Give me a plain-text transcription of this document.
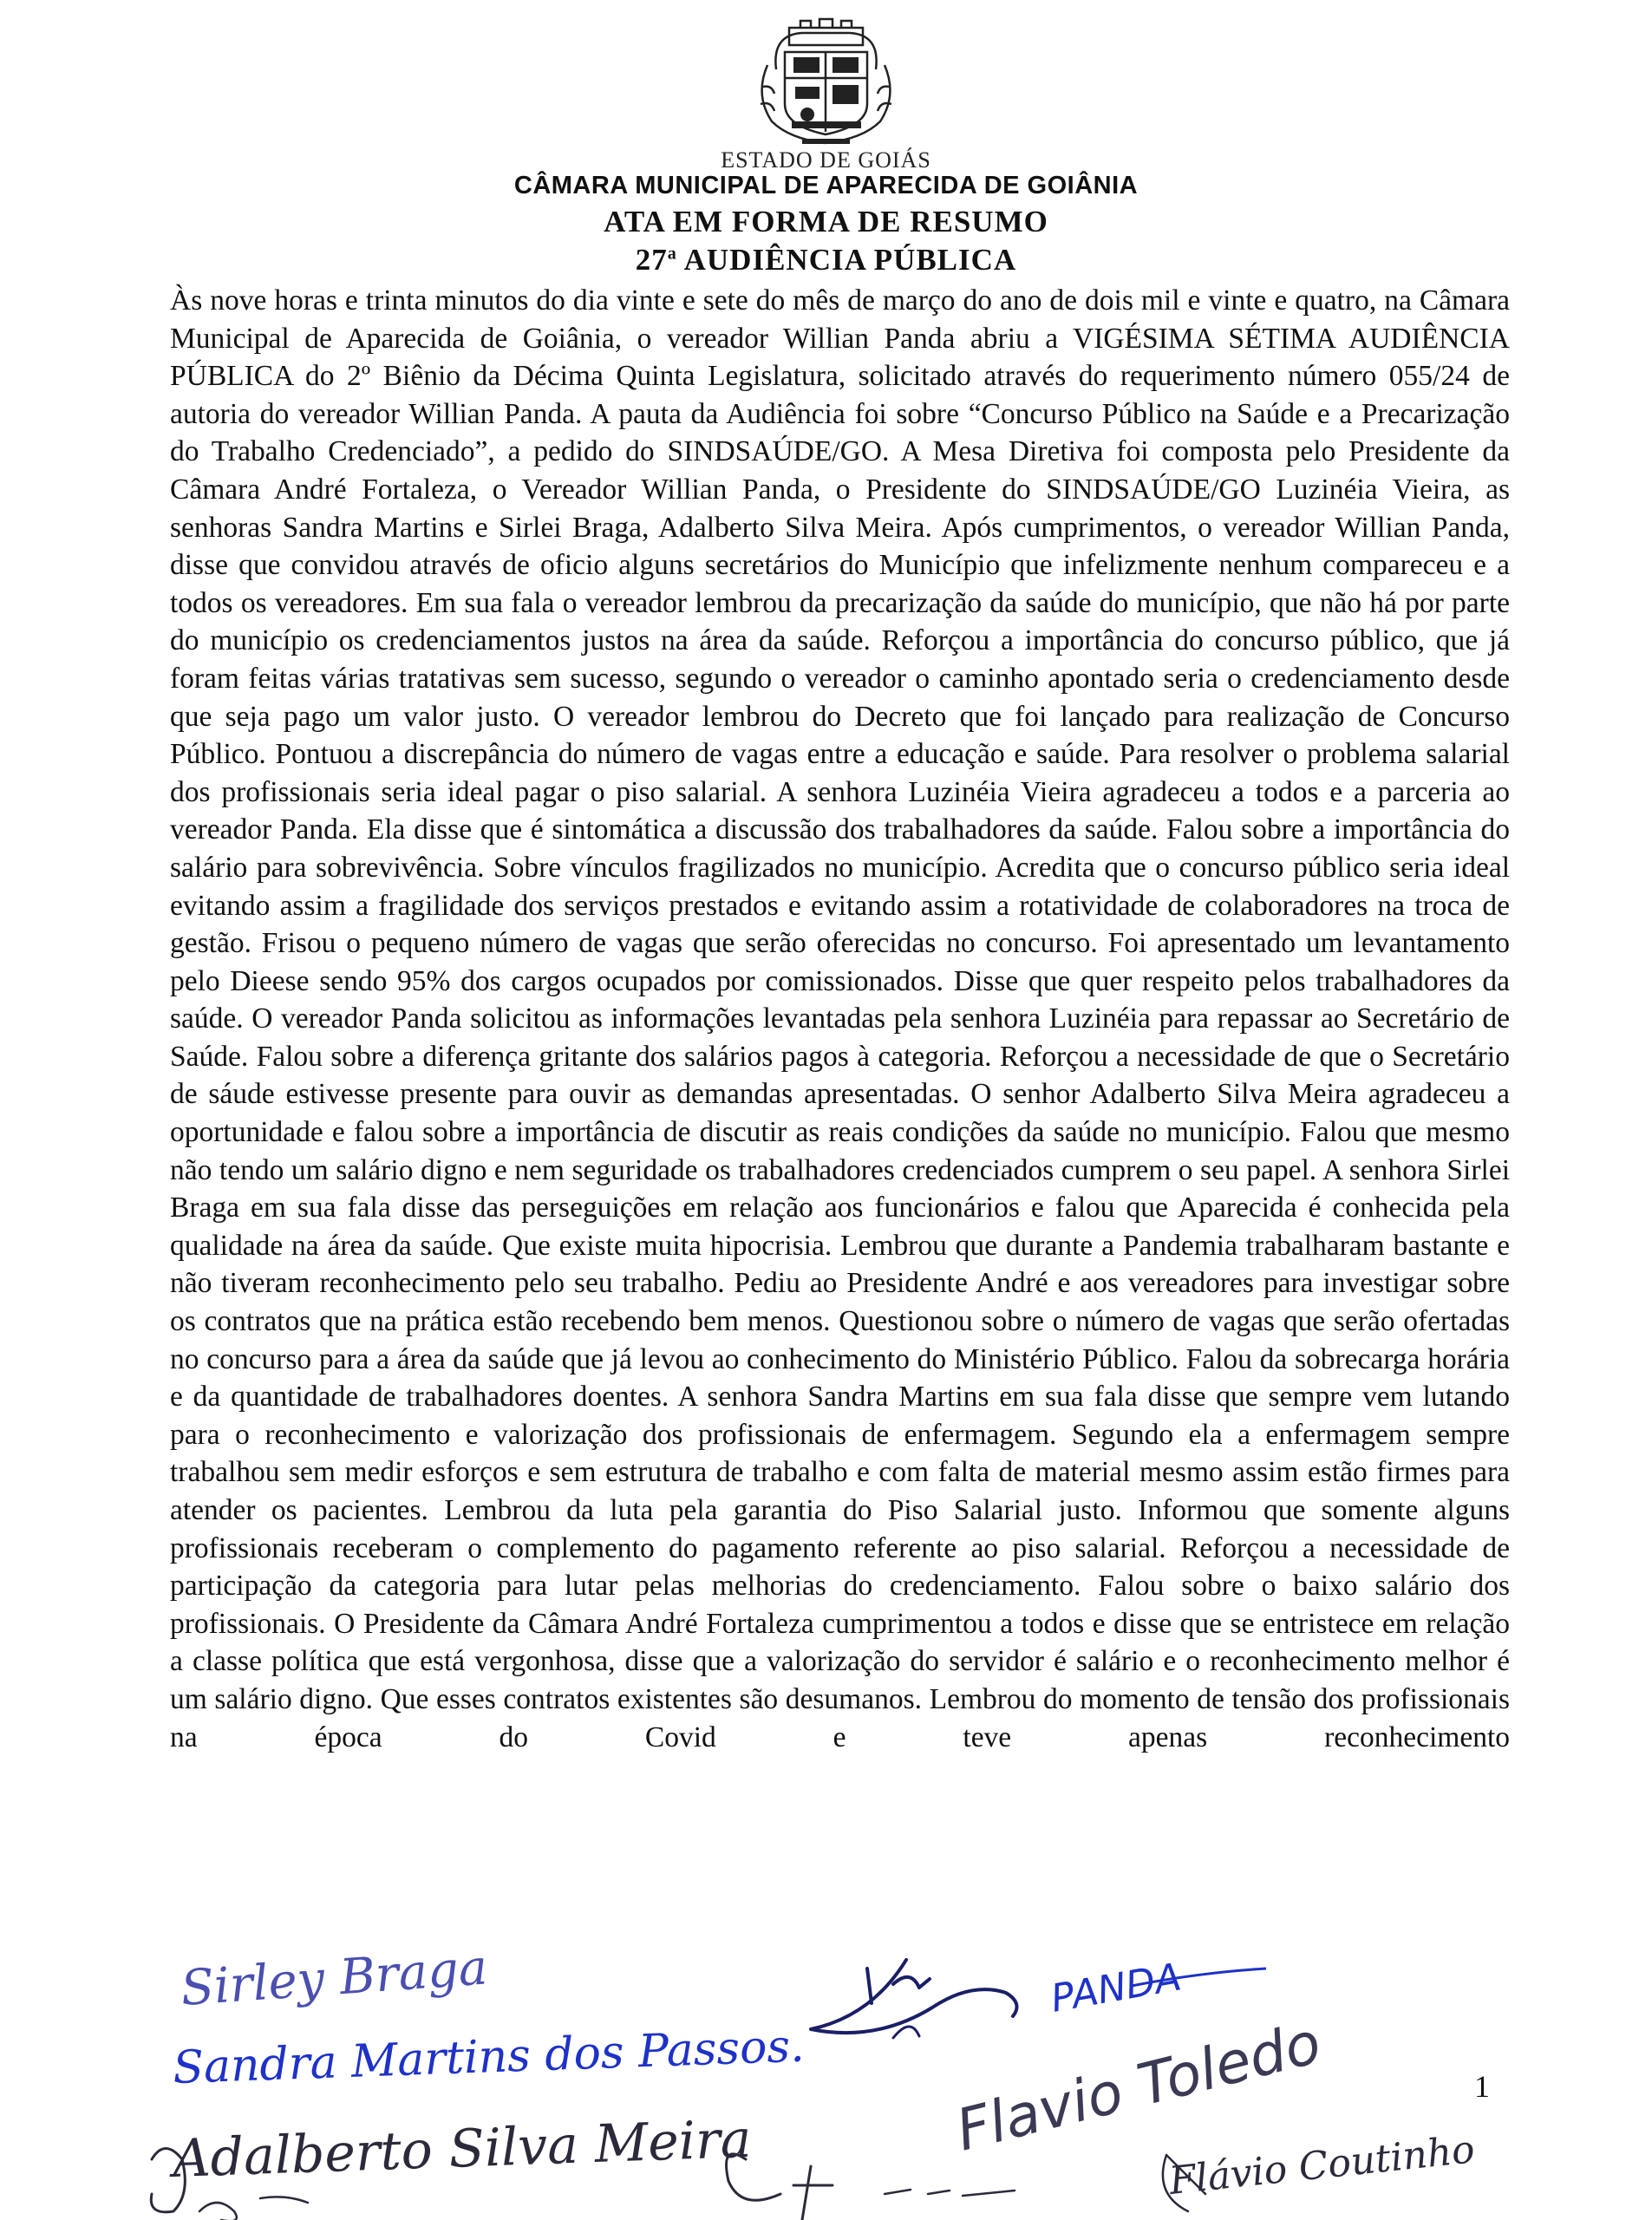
ESTADO DE GOIÁS
CÂMARA MUNICIPAL DE APARECIDA DE GOIÂNIA
ATA EM FORMA DE RESUMO
27$^a$ AUDIÊNCIA PÚBLICA

Às nove horas e trinta minutos do dia vinte e sete do mês de março do ano de dois mil e vinte e quatro, na Câmara Municipal de Aparecida de Goiânia, o vereador Willian Panda abriu a VIGÉSIMA SÉTIMA AUDIÊNCIA PÚBLICA do 2º Biênio da Décima Quinta Legislatura, solicitado através do requerimento número 055/24 de autoria do vereador Willian Panda. A pauta da Audiência foi sobre “Concurso Público na Saúde e a Precarização do Trabalho Credenciado”, a pedido do SINDSAÚDE/GO. A Mesa Diretiva foi composta pelo Presidente da Câmara André Fortaleza, o Vereador Willian Panda, o Presidente do SINDSAÚDE/GO Luzinéia Vieira, as senhoras Sandra Martins e Sirlei Braga, Adalberto Silva Meira. Após cumprimentos, o vereador Willian Panda, disse que convidou através de oficio alguns secretários do Município que infelizmente nenhum compareceu e a todos os vereadores. Em sua fala o vereador lembrou da precarização da saúde do município, que não há por parte do município os credenciamentos justos na área da saúde. Reforçou a importância do concurso público, que já foram feitas várias tratativas sem sucesso, segundo o vereador o caminho apontado seria o credenciamento desde que seja pago um valor justo. O vereador lembrou do Decreto que foi lançado para realização de Concurso Público. Pontuou a discrepância do número de vagas entre a educação e saúde. Para resolver o problema salarial dos profissionais seria ideal pagar o piso salarial. A senhora Luzinéia Vieira agradeceu a todos e a parceria ao vereador Panda. Ela disse que é sintomática a discussão dos trabalhadores da saúde. Falou sobre a importância do salário para sobrevivência. Sobre vínculos fragilizados no município. Acredita que o concurso público seria ideal evitando assim a fragilidade dos serviços prestados e evitando assim a rotatividade de colaboradores na troca de gestão. Frisou o pequeno número de vagas que serão oferecidas no concurso. Foi apresentado um levantamento pelo Dieese sendo 95% dos cargos ocupados por comissionados. Disse que quer respeito pelos trabalhadores da saúde. O vereador Panda solicitou as informações levantadas pela senhora Luzinéia para repassar ao Secretário de Saúde. Falou sobre a diferença gritante dos salários pagos à categoria. Reforçou a necessidade de que o Secretário de sáude estivesse presente para ouvir as demandas apresentadas. O senhor Adalberto Silva Meira agradeceu a oportunidade e falou sobre a importância de discutir as reais condições da saúde no município. Falou que mesmo não tendo um salário digno e nem seguridade os trabalhadores credenciados cumprem o seu papel. A senhora Sirlei Braga em sua fala disse das perseguições em relação aos funcionários e falou que Aparecida é conhecida pela qualidade na área da saúde. Que existe muita hipocrisia. Lembrou que durante a Pandemia trabalharam bastante e não tiveram reconhecimento pelo seu trabalho. Pediu ao Presidente André e aos vereadores para investigar sobre os contratos que na prática estão recebendo bem menos. Questionou sobre o número de vagas que serão ofertadas no concurso para a área da saúde que já levou ao conhecimento do Ministério Público. Falou da sobrecarga horária e da quantidade de trabalhadores doentes. A senhora Sandra Martins em sua fala disse que sempre vem lutando para o reconhecimento e valorização dos profissionais de enfermagem. Segundo ela a enfermagem sempre trabalhou sem medir esforços e sem estrutura de trabalho e com falta de material mesmo assim estão firmes para atender os pacientes. Lembrou da luta pela garantia do Piso Salarial justo. Informou que somente alguns profissionais receberam o complemento do pagamento referente ao piso salarial. Reforçou a necessidade de participação da categoria para lutar pelas melhorias do credenciamento. Falou sobre o baixo salário dos profissionais. O Presidente da Câmara André Fortaleza cumprimentou a todos e disse que se entristece em relação a classe política que está vergonhosa, disse que a valorização do servidor é salário e o reconhecimento melhor é um salário digno. Que esses contratos existentes são desumanos. Lembrou do momento de tensão dos profissionais na época do Covid e teve apenas reconhecimento

Sirley Braga
Sandra Martins dos Passos.
PANDA
Flavio Toledo
Adalberto Silva Meira	Flávio Coutinho
1
